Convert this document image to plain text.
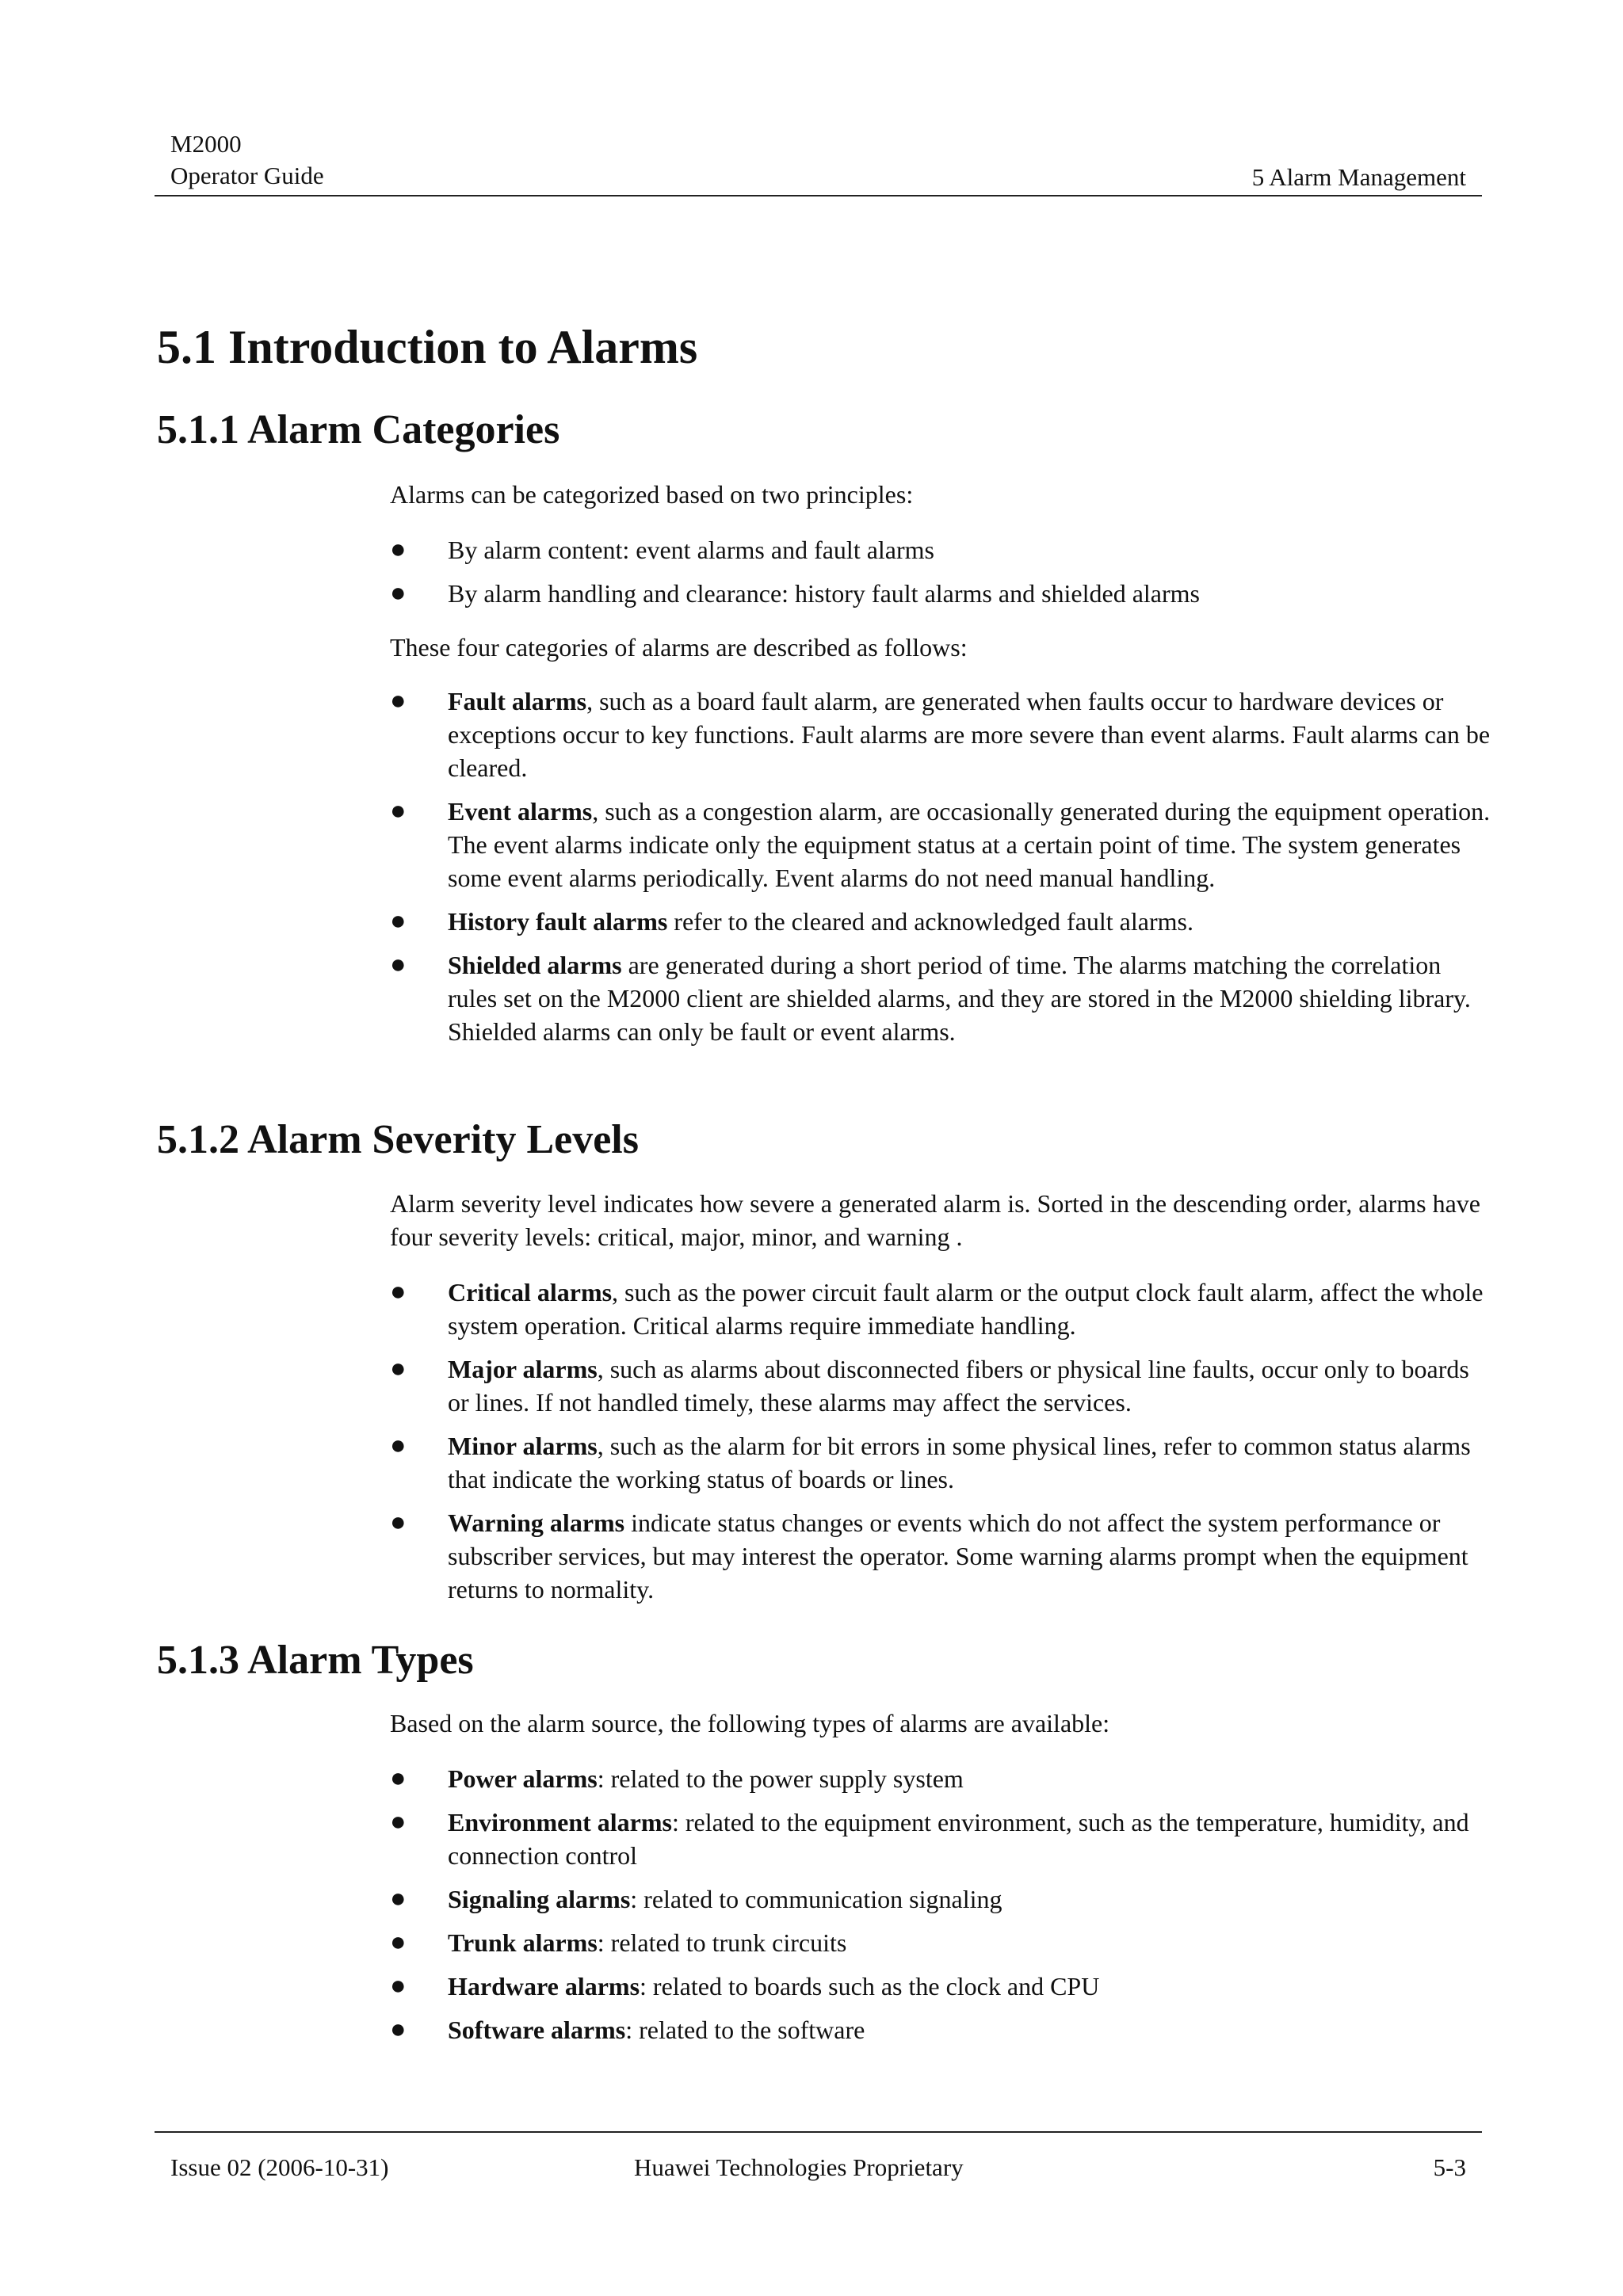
M2000
Operator Guide	5 Alarm Management
5.1 Introduction to Alarms
5.1.1 Alarm Categories

Alarms can be categorized based on two principles:

● By alarm content: event alarms and fault alarms
● By alarm handling and clearance: history fault alarms and shielded alarms

These four categories of alarms are described as follows:

● Fault alarms, such as a board fault alarm, are generated when faults occur to hardware devices or exceptions occur to key functions. Fault alarms are more severe than event alarms. Fault alarms can be cleared.
● Event alarms, such as a congestion alarm, are occasionally generated during the equipment operation. The event alarms indicate only the equipment status at a certain point of time. The system generates some event alarms periodically. Event alarms do not need manual handling.
● History fault alarms refer to the cleared and acknowledged fault alarms.
● Shielded alarms are generated during a short period of time. The alarms matching the correlation rules set on the M2000 client are shielded alarms, and they are stored in the M2000 shielding library. Shielded alarms can only be fault or event alarms.
5.1.2 Alarm Severity Levels

Alarm severity level indicates how severe a generated alarm is. Sorted in the descending order, alarms have four severity levels: critical, major, minor, and warning .

● Critical alarms, such as the power circuit fault alarm or the output clock fault alarm, affect the whole system operation. Critical alarms require immediate handling.
● Major alarms, such as alarms about disconnected fibers or physical line faults, occur only to boards or lines. If not handled timely, these alarms may affect the services.
● Minor alarms, such as the alarm for bit errors in some physical lines, refer to common status alarms that indicate the working status of boards or lines.
● Warning alarms indicate status changes or events which do not affect the system performance or subscriber services, but may interest the operator. Some warning alarms prompt when the equipment returns to normality.
5.1.3 Alarm Types

Based on the alarm source, the following types of alarms are available:

● Power alarms: related to the power supply system
● Environment alarms: related to the equipment environment, such as the temperature, humidity, and connection control
● Signaling alarms: related to communication signaling
● Trunk alarms: related to trunk circuits
● Hardware alarms: related to boards such as the clock and CPU
● Software alarms: related to the software
Issue 02 (2006-10-31)	Huawei Technologies Proprietary	5-3
